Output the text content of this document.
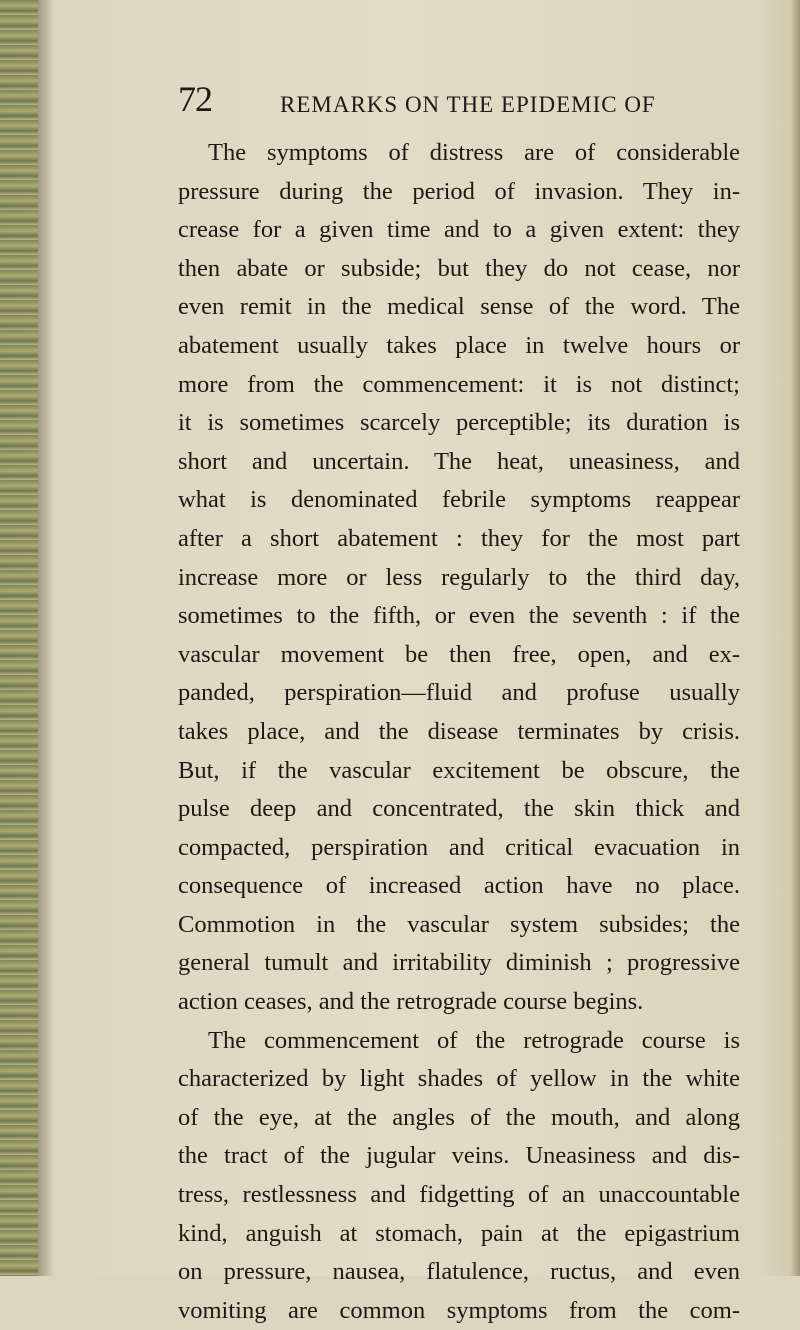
72	REMARKS ON THE EPIDEMIC OF
The symptoms of distress are of considerable
pressure during the period of invasion. They in-
crease for a given time and to a given extent: they
then abate or subside; but they do not cease, nor
even remit in the medical sense of the word. The
abatement usually takes place in twelve hours or
more from the commencement: it is not distinct;
it is sometimes scarcely perceptible; its duration is
short and uncertain. The heat, uneasiness, and
what is denominated febrile symptoms reappear
after a short abatement : they for the most part
increase more or less regularly to the third day,
sometimes to the fifth, or even the seventh : if the
vascular movement be then free, open, and ex-
panded, perspiration—fluid and profuse usually
takes place, and the disease terminates by crisis.
But, if the vascular excitement be obscure, the
pulse deep and concentrated, the skin thick and
compacted, perspiration and critical evacuation in
consequence of increased action have no place.
Commotion in the vascular system subsides; the
general tumult and irritability diminish ; progressive
action ceases, and the retrograde course begins.
The commencement of the retrograde course is
characterized by light shades of yellow in the white
of the eye, at the angles of the mouth, and along
the tract of the jugular veins. Uneasiness and dis-
tress, restlessness and fidgetting of an unaccountable
kind, anguish at stomach, pain at the epigastrium
on pressure, nausea, flatulence, ructus, and even
vomiting are common symptoms from the com-
